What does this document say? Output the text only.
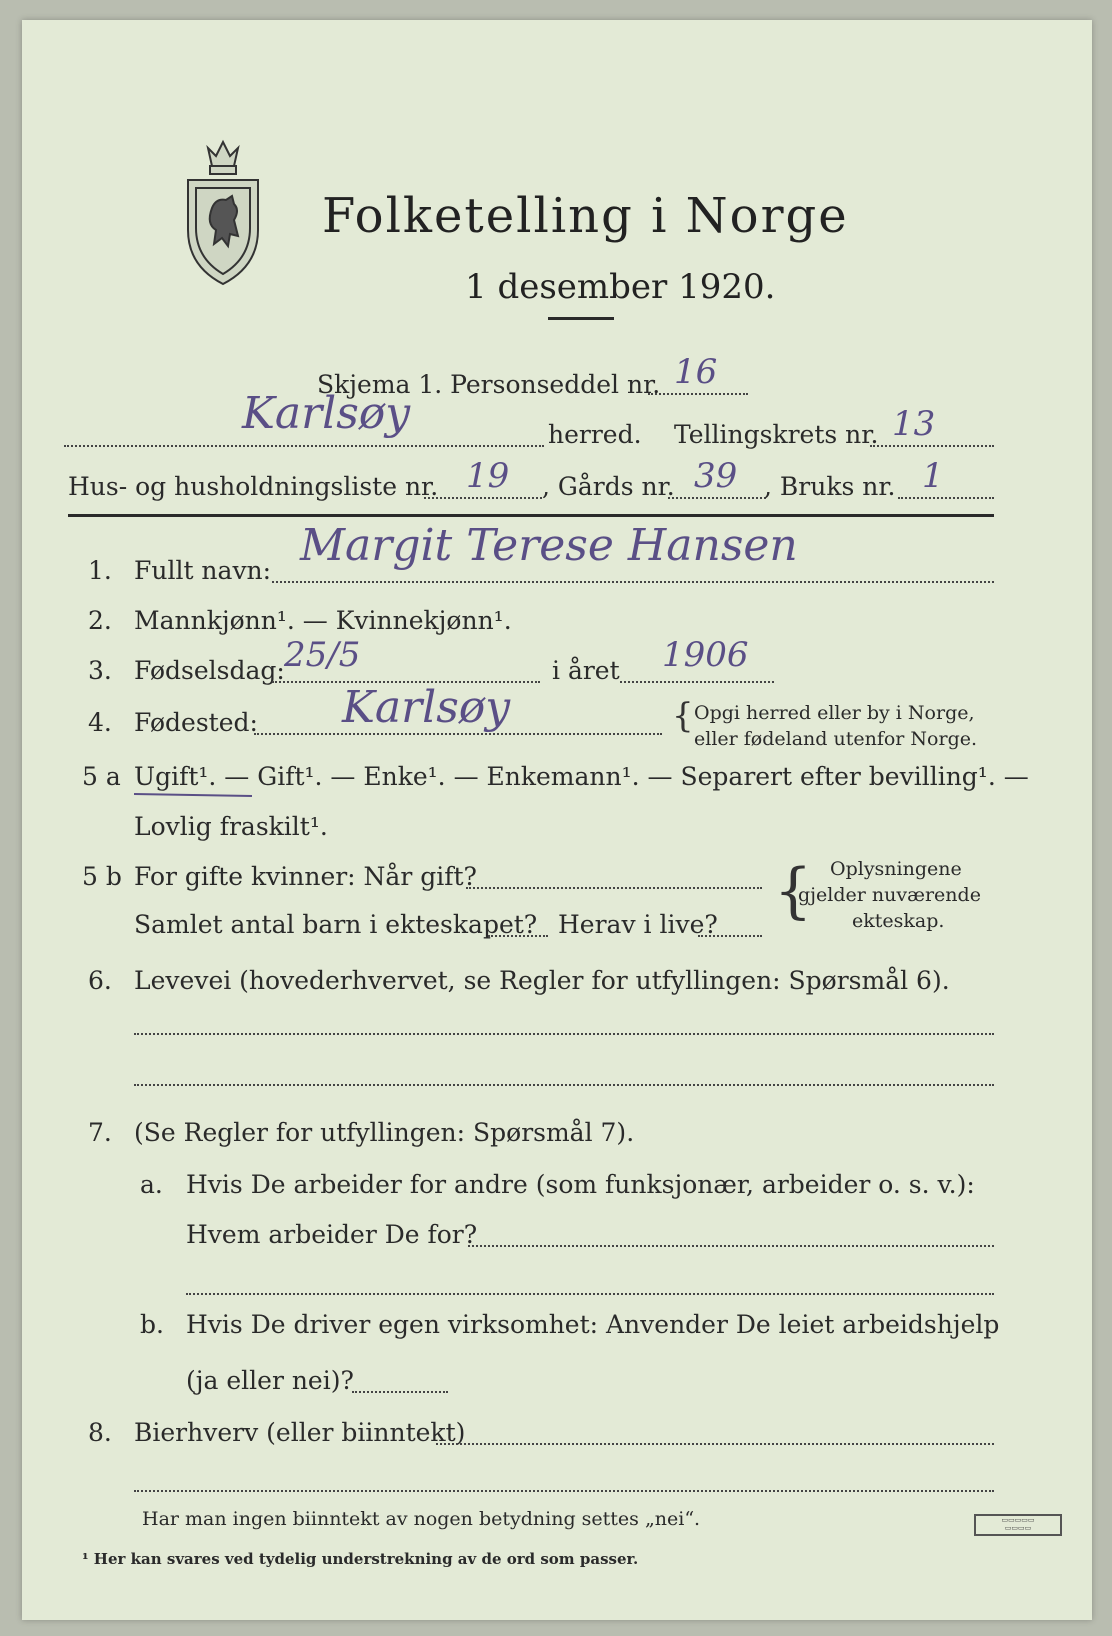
Folketelling i Norge
1 desember 1920.
Skjema 1. Personseddel nr. 16
Karlsøy	herred. Tellingskrets nr. 13
Hus- og husholdningsliste nr. 19 , Gårds nr. 39 , Bruks nr. 1
1. Fullt navn: Margit Terese Hansen
2. Mannkjønn¹. — Kvinnekjønn¹.
3. Fødselsdag: 25/5	i året 1906
4. Fødested: Karlsøy	{ Opgi herred eller by i Norge,
eller fødeland utenfor Norge.
5 a Ugift¹. — Gift¹. — Enke¹. — Enkemann¹. — Separert efter bevilling¹. —
Lovlig fraskilt¹.
5 b For gifte kvinner: Når gift?
Samlet antal barn i ekteskapet? Herav i live? { Oplysningene
gjelder nuværende
ekteskap.
6. Levevei (hovederhvervet, se Regler for utfyllingen: Spørsmål 6).
7. (Se Regler for utfyllingen: Spørsmål 7).
a. Hvis De arbeider for andre (som funksjonær, arbeider o. s. v.):
Hvem arbeider De for?
b. Hvis De driver egen virksomhet: Anvender De leiet arbeidshjelp
(ja eller nei)?
8. Bierhverv (eller biinntekt)
Har man ingen biinntekt av nogen betydning settes „nei“.
¹ Her kan svares ved tydelig understrekning av de ord som passer.
▭▭▭▭▭
▭▭▭▭
